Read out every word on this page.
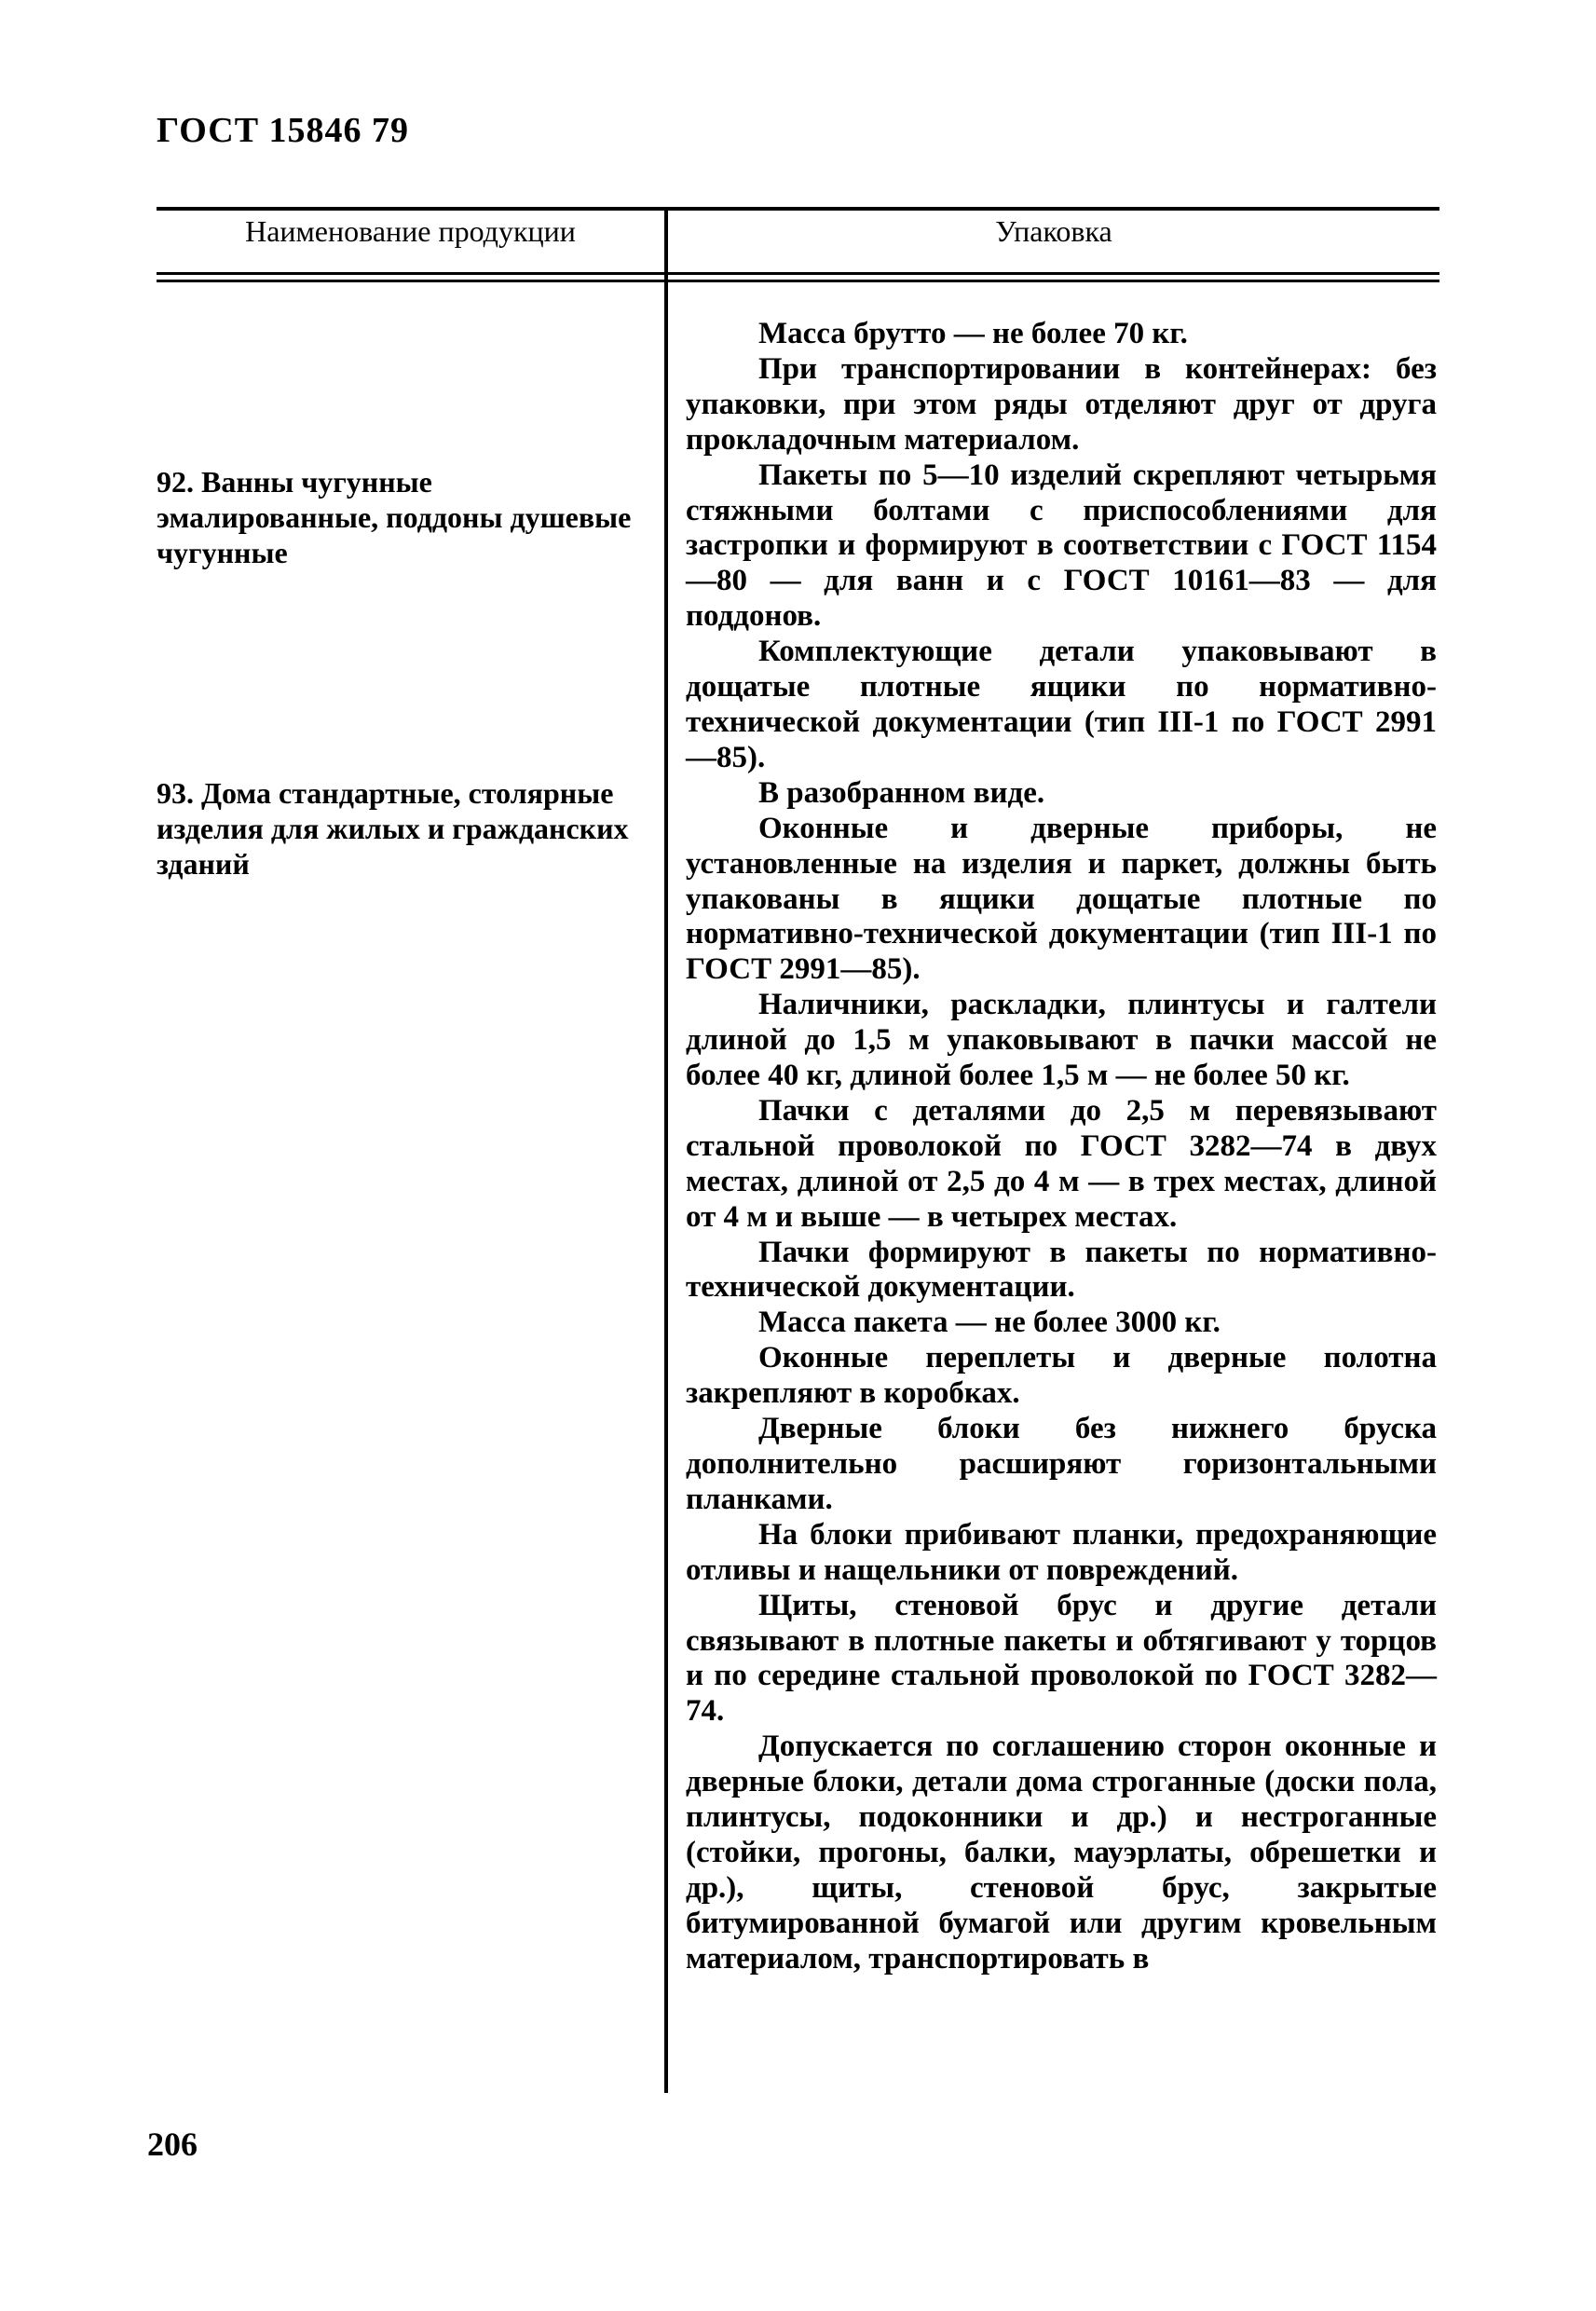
ГОСТ 15846 79
Наименование продукции	Упаковка
92. Ванны чугунные эмалированные, поддоны душевые чугунные
93. Дома стандартные, столярные изделия для жилых и гражданских зданий

Масса брутто — не более 70 кг.

При транспортировании в контейнерах: без упаковки, при этом ряды отделяют друг от друга прокладочным материалом.

Пакеты по 5—10 изделий скрепляют четырьмя стяжными болтами с приспособлениями для застропки и формируют в соответствии с ГОСТ 1154—80 — для ванн и с ГОСТ 10161—83 — для поддонов.

Комплектующие детали упаковывают в дощатые плотные ящики по нормативно-технической документации (тип III-1 по ГОСТ 2991—85).

В разобранном виде.

Оконные и дверные приборы, не установленные на изделия и паркет, должны быть упакованы в ящики дощатые плотные по нормативно-технической документации (тип III-1 по ГОСТ 2991—85).

Наличники, раскладки, плинтусы и галтели длиной до 1,5 м упаковывают в пачки массой не более 40 кг, длиной более 1,5 м — не более 50 кг.

Пачки с деталями до 2,5 м перевязывают стальной проволокой по ГОСТ 3282—74 в двух местах, длиной от 2,5 до 4 м — в трех местах, длиной от 4 м и выше — в четырех местах.

Пачки формируют в пакеты по нормативно-технической документации.

Масса пакета — не более 3000 кг.

Оконные переплеты и дверные полотна закрепляют в коробках.

Дверные блоки без нижнего бруска дополнительно расширяют горизонтальными планками.

На блоки прибивают планки, предохраняющие отливы и нащельники от повреждений.

Щиты, стеновой брус и другие детали связывают в плотные пакеты и обтягивают у торцов и по середине стальной проволокой по ГОСТ 3282—74.

Допускается по соглашению сторон оконные и дверные блоки, детали дома строганные (доски пола, плинтусы, подоконники и др.) и нестроганные (стойки, прогоны, балки, мауэрлаты, обрешетки и др.), щиты, стеновой брус, закрытые битумированной бумагой или другим кровельным материалом, транспортировать в

206
